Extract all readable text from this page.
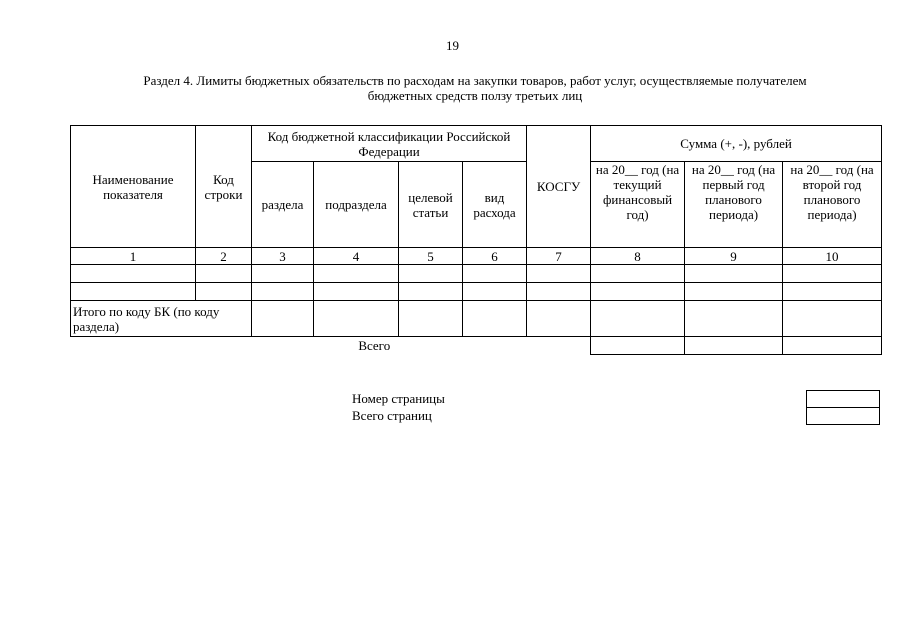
19
Раздел 4. Лимиты бюджетных обязательств по расходам на закупки товаров, работ услуг, осуществляемые получателем
бюджетных средств ползу третьих лиц
Наименование показателя	Код строки	Код бюджетной классификации Российской Федерации				КОСГУ	Сумма (+, -), рублей		
		раздела	подраздела	целевой статьи	вид расхода		на 20__ год (на текущий финансовый год)	на 20__ год (на первый год планового периода)	на 20__ год (на второй год планового периода)
1	2	3	4	5	6	7	8	9	10

Итого по коду БК (по коду раздела)									
Всего									
Номер страницы
Всего страниц
